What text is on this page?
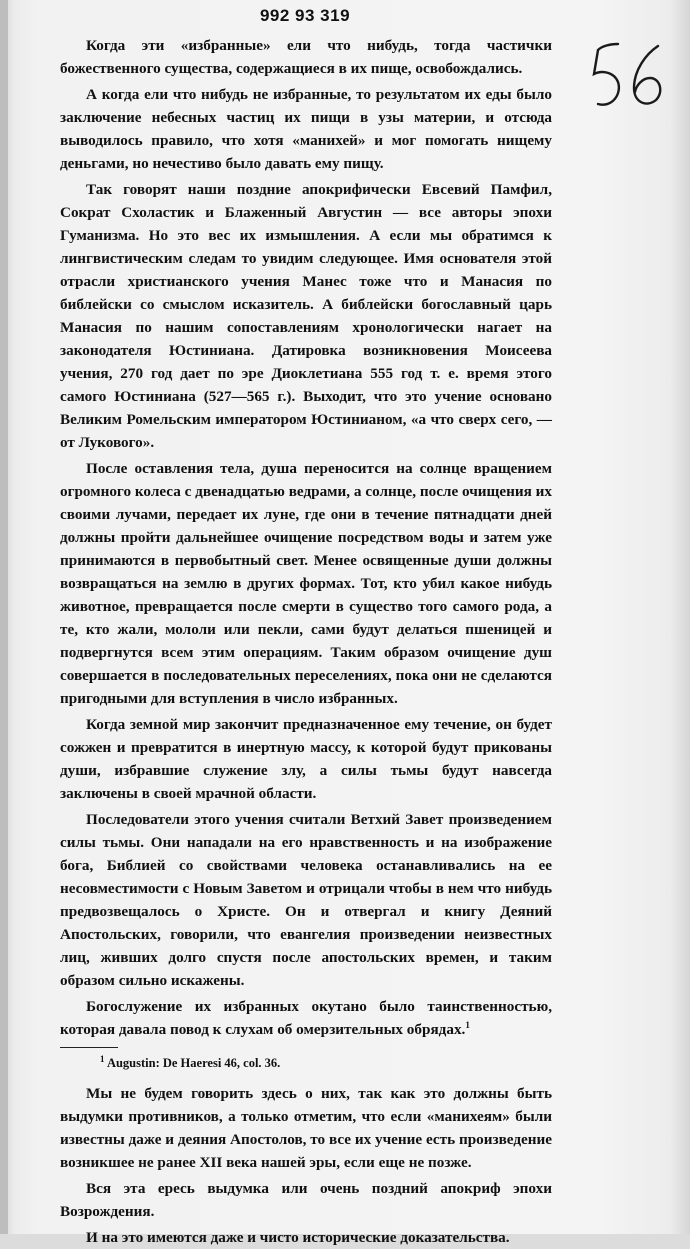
992 93 319

Когда эти «избранные» ели что нибудь, тогда частички божественного существа, содержащиеся в их пище, освобождались.

А когда ели что нибудь не избранные, то результатом их еды было заключение небесных частиц их пищи в узы материи, и отсюда выводилось правило, что хотя «манихей» и мог помогать нищему деньгами, но нечестиво было давать ему пищу.

Так говорят наши поздние апокрифически Евсевий Памфил, Сократ Схоластик и Блаженный Августин — все авторы эпохи Гуманизма. Но это вес их измышления. А если мы обратимся к лингвистическим следам то увидим следующее. Имя основателя этой отрасли христианского учения Манес тоже что и Манасия по библейски со смыслом исказитель. А библейски богославный царь Манасия по нашим сопоставлениям хронологически нагает на законодателя Юстиниана. Датировка возникновения Моисеева учения, 270 год дает по эре Диоклетиана 555 год т. е. время этого самого Юстиниана (527—565 г.). Выходит, что это учение основано Великим Ромельским императором Юстинианом, «а что сверх сего, — от Лукового».

После оставления тела, душа переносится на солнце вращением огромного колеса с двенадцатью ведрами, а солнце, после очищения их своими лучами, передает их луне, где они в течение пятнадцати дней должны пройти дальнейшее очищение посредством воды и затем уже принимаются в первобытный свет. Менее освященные души должны возвращаться на землю в других формах. Тот, кто убил какое нибудь животное, превращается после смерти в существо того самого рода, а те, кто жали, мололи или пекли, сами будут делаться пшеницей и подвергнутся всем этим операциям. Таким образом очищение душ совершается в последовательных переселениях, пока они не сделаются пригодными для вступления в число избранных.

Когда земной мир закончит предназначенное ему течение, он будет сожжен и превратится в инертную массу, к которой будут прикованы души, избравшие служение злу, а силы тьмы будут навсегда заключены в своей мрачной области.

Последователи этого учения считали Ветхий Завет произведением силы тьмы. Они нападали на его нравственность и на изображение бога, Библией со свойствами человека останавливались на ее несовместимости с Новым Заветом и отрицали чтобы в нем что нибудь предвозвещалось о Христе. Он и отвергал и книгу Деяний Апостольских, говорили, что евангелия произведении неизвестных лиц, живших долго спустя после апостольских времен, и таким образом сильно искажены.

Богослужение их избранных окутано было таинственностью, которая давала повод к слухам об омерзительных обрядах.$^1$

$^1$ Augustin: De Haeresi 46, col. 36.

Мы не будем говорить здесь о них, так как это должны быть выдумки противников, а только отметим, что если «манихеям» были известны даже и деяния Апостолов, то все их учение есть произведение возникшее не ранее XII века нашей эры, если еще не позже.

Вся эта ересь выдумка или очень поздний апокриф эпохи Возрождения.

И на это имеются даже и чисто исторические доказательства.
